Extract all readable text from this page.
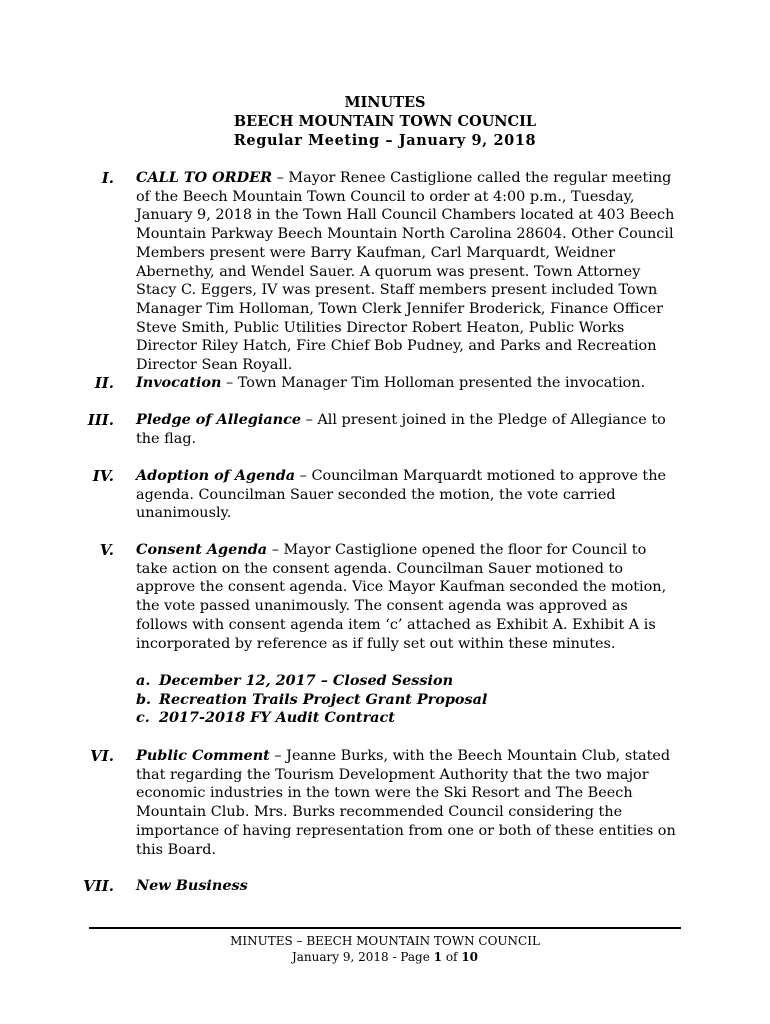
MINUTES
BEECH MOUNTAIN TOWN COUNCIL
Regular Meeting – January 9, 2018
I. CALL TO ORDER – Mayor Renee Castiglione called the regular meeting of the Beech Mountain Town Council to order at 4:00 p.m., Tuesday, January 9, 2018 in the Town Hall Council Chambers located at 403 Beech Mountain Parkway Beech Mountain North Carolina 28604. Other Council Members present were Barry Kaufman, Carl Marquardt, Weidner Abernethy, and Wendel Sauer. A quorum was present. Town Attorney Stacy C. Eggers, IV was present. Staff members present included Town Manager Tim Holloman, Town Clerk Jennifer Broderick, Finance Officer Steve Smith, Public Utilities Director Robert Heaton, Public Works Director Riley Hatch, Fire Chief Bob Pudney, and Parks and Recreation Director Sean Royall.
II. Invocation – Town Manager Tim Holloman presented the invocation.
III. Pledge of Allegiance – All present joined in the Pledge of Allegiance to the flag.
IV. Adoption of Agenda – Councilman Marquardt motioned to approve the agenda. Councilman Sauer seconded the motion, the vote carried unanimously.
V. Consent Agenda – Mayor Castiglione opened the floor for Council to take action on the consent agenda. Councilman Sauer motioned to approve the consent agenda. Vice Mayor Kaufman seconded the motion, the vote passed unanimously. The consent agenda was approved as follows with consent agenda item ‘c’ attached as Exhibit A. Exhibit A is incorporated by reference as if fully set out within these minutes.
a. December 12, 2017 – Closed Session
b. Recreation Trails Project Grant Proposal
c. 2017-2018 FY Audit Contract
VI. Public Comment – Jeanne Burks, with the Beech Mountain Club, stated that regarding the Tourism Development Authority that the two major economic industries in the town were the Ski Resort and The Beech Mountain Club. Mrs. Burks recommended Council considering the importance of having representation from one or both of these entities on this Board.
VII. New Business
MINUTES – BEECH MOUNTAIN TOWN COUNCIL
January 9, 2018 - Page 1 of 10
